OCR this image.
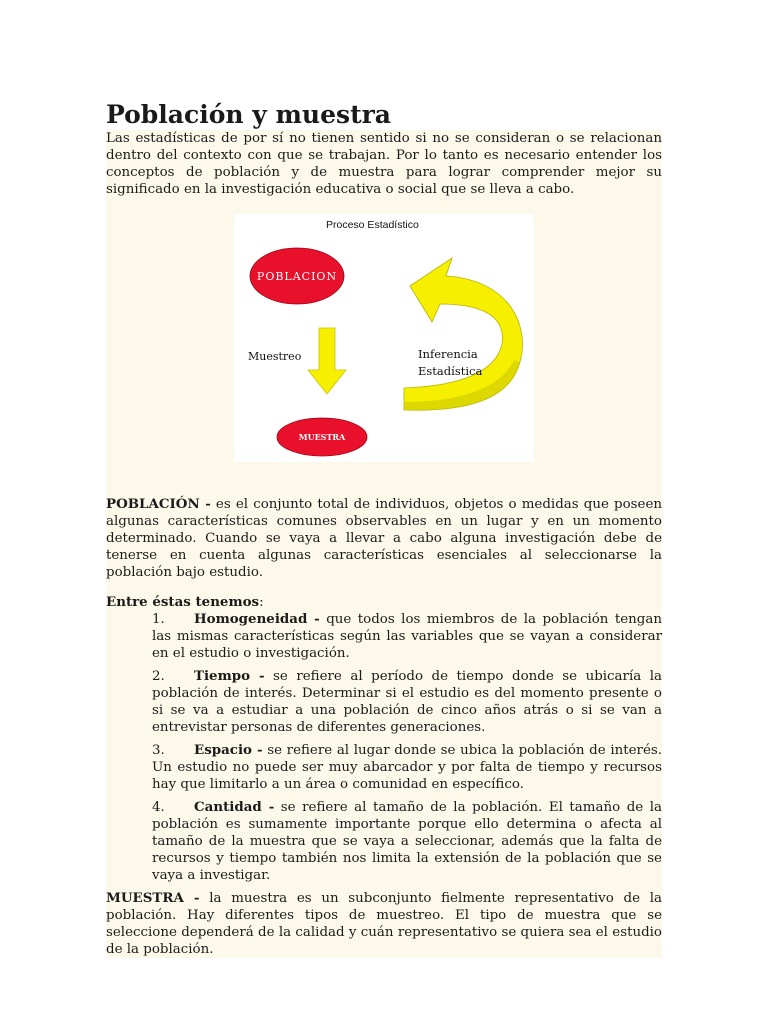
Población y muestra

Las estadísticas de por sí no tienen sentido si no se consideran o se relacionan dentro del contexto con que se trabajan. Por lo tanto es necesario entender los conceptos de población y de muestra para lograr comprender mejor su significado en la investigación educativa o social que se lleva a cabo.

Proceso Estadístico
POBLACION
Muestreo	Inferencia
Estadística
MUESTRA

POBLACIÓN - es el conjunto total de individuos, objetos o medidas que poseen algunas características comunes observables en un lugar y en un momento determinado. Cuando se vaya a llevar a cabo alguna investigación debe de tenerse en cuenta algunas características esenciales al seleccionarse la población bajo estudio.

Entre éstas tenemos:
1. Homogeneidad - que todos los miembros de la población tengan las mismas características según las variables que se vayan a considerar en el estudio o investigación.
2. Tiempo - se refiere al período de tiempo donde se ubicaría la población de interés. Determinar si el estudio es del momento presente o si se va a estudiar a una población de cinco años atrás o si se van a entrevistar personas de diferentes generaciones.
3. Espacio - se refiere al lugar donde se ubica la población de interés. Un estudio no puede ser muy abarcador y por falta de tiempo y recursos hay que limitarlo a un área o comunidad en específico.
4. Cantidad - se refiere al tamaño de la población. El tamaño de la población es sumamente importante porque ello determina o afecta al tamaño de la muestra que se vaya a seleccionar, además que la falta de recursos y tiempo también nos limita la extensión de la población que se vaya a investigar.

MUESTRA - la muestra es un subconjunto fielmente representativo de la población. Hay diferentes tipos de muestreo. El tipo de muestra que se seleccione dependerá de la calidad y cuán representativo se quiera sea el estudio de la población.
